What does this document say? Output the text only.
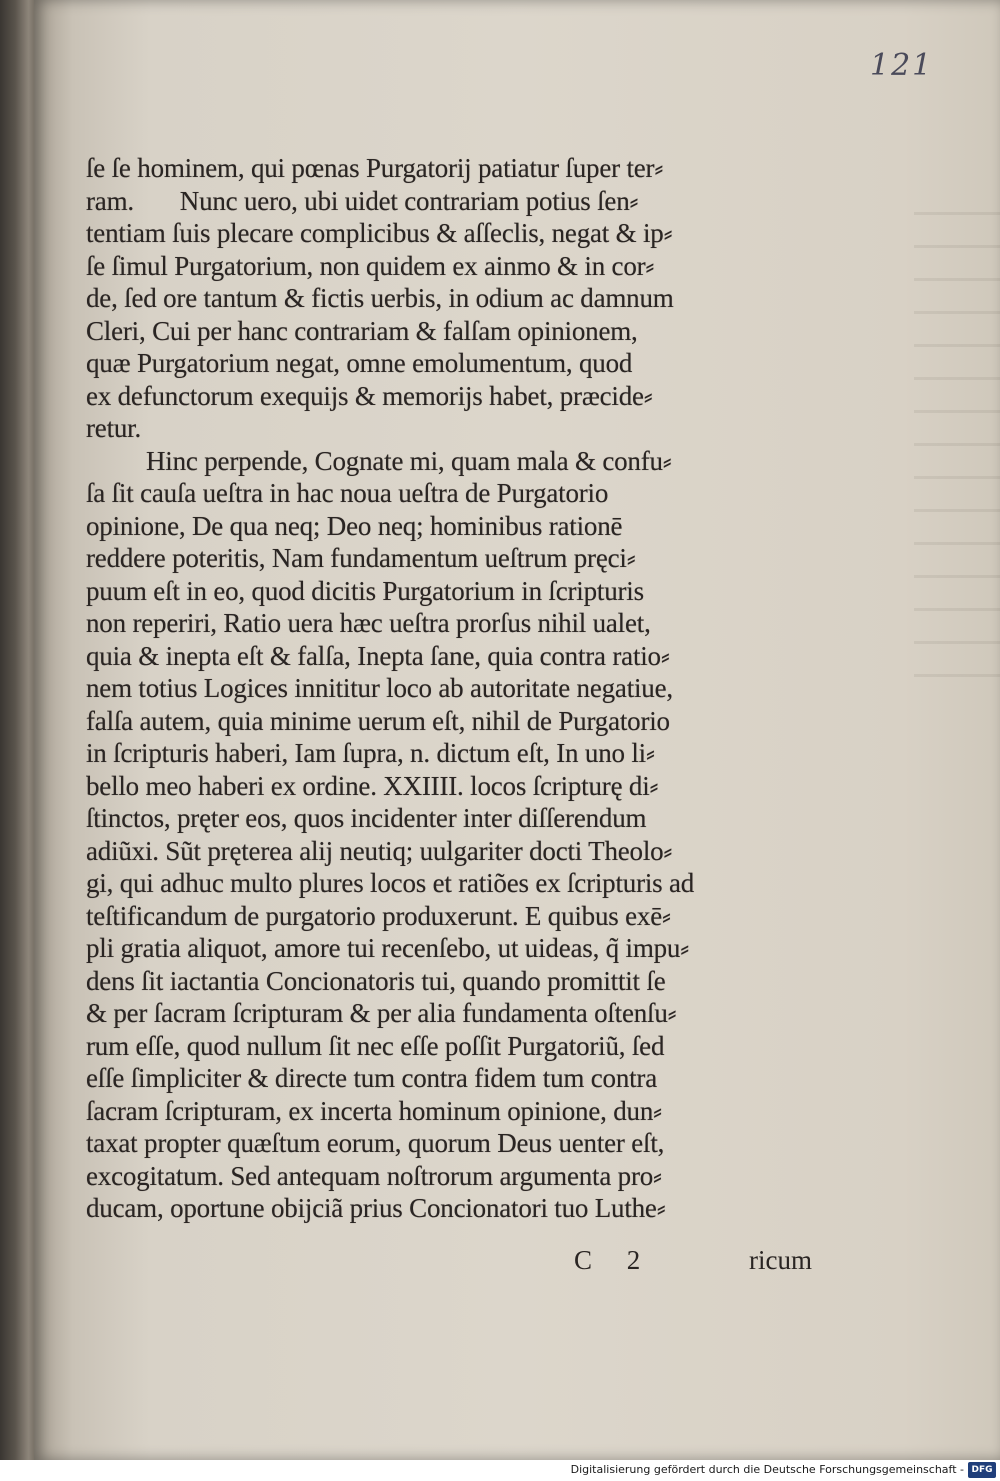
121
ſe ſe hominem, qui pœnas Purgatorij patiatur ſuper ter⸗
ram.       Nunc uero, ubi uidet contrariam potius ſen⸗
tentiam ſuis plecare complicibus & aſſeclis, negat & ip⸗
ſe ſimul Purgatorium, non quidem ex ainmo & in cor⸗
de, ſed ore tantum & fictis uerbis, in odium ac damnum
Cleri, Cui per hanc contrariam & falſam opinionem,
quæ Purgatorium negat, omne emolumentum, quod
ex defunctorum exequijs & memorijs habet, præcide⸗
retur.
Hinc perpende, Cognate mi, quam mala & confu⸗
ſa ſit cauſa ueſtra in hac noua ueſtra de Purgatorio
opinione, De qua neq; Deo neq; hominibus rationē
reddere poteritis, Nam fundamentum ueſtrum pręci⸗
puum eſt in eo, quod dicitis Purgatorium in ſcripturis
non reperiri, Ratio uera hæc ueſtra prorſus nihil ualet,
quia & inepta eſt & falſa, Inepta ſane, quia contra ratio⸗
nem totius Logices innititur loco ab autoritate negatiue,
falſa autem, quia minime uerum eſt, nihil de Purgatorio
in ſcripturis haberi, Iam ſupra, n. dictum eſt, In uno li⸗
bello meo haberi ex ordine. XXIIII. locos ſcripturę di⸗
ſtinctos, pręter eos, quos incidenter inter diſſerendum
adiũxi. Sũt pręterea alij neutiq; uulgariter docti Theolo⸗
gi, qui adhuc multo plures locos et ratiões ex ſcripturis ad
teſtificandum de purgatorio produxerunt. E quibus exē⸗
pli gratia aliquot, amore tui recenſebo, ut uideas, q̃ impu⸗
dens ſit iactantia Concionatoris tui, quando promittit ſe
& per ſacram ſcripturam & per alia fundamenta oſtenſu⸗
rum eſſe, quod nullum ſit nec eſſe poſſit Purgatoriũ, ſed
eſſe ſimpliciter & directe tum contra fidem tum contra
ſacram ſcripturam, ex incerta hominum opinione, dun⸗
taxat propter quæſtum eorum, quorum Deus uenter eſt,
excogitatum. Sed antequam noſtrorum argumenta pro⸗
ducam, oportune obijciã prius Concionatori tuo Luthe⸗
C 2	ricum
Digitalisierung gefördert durch die Deutsche Forschungsgemeinschaft - DFG
